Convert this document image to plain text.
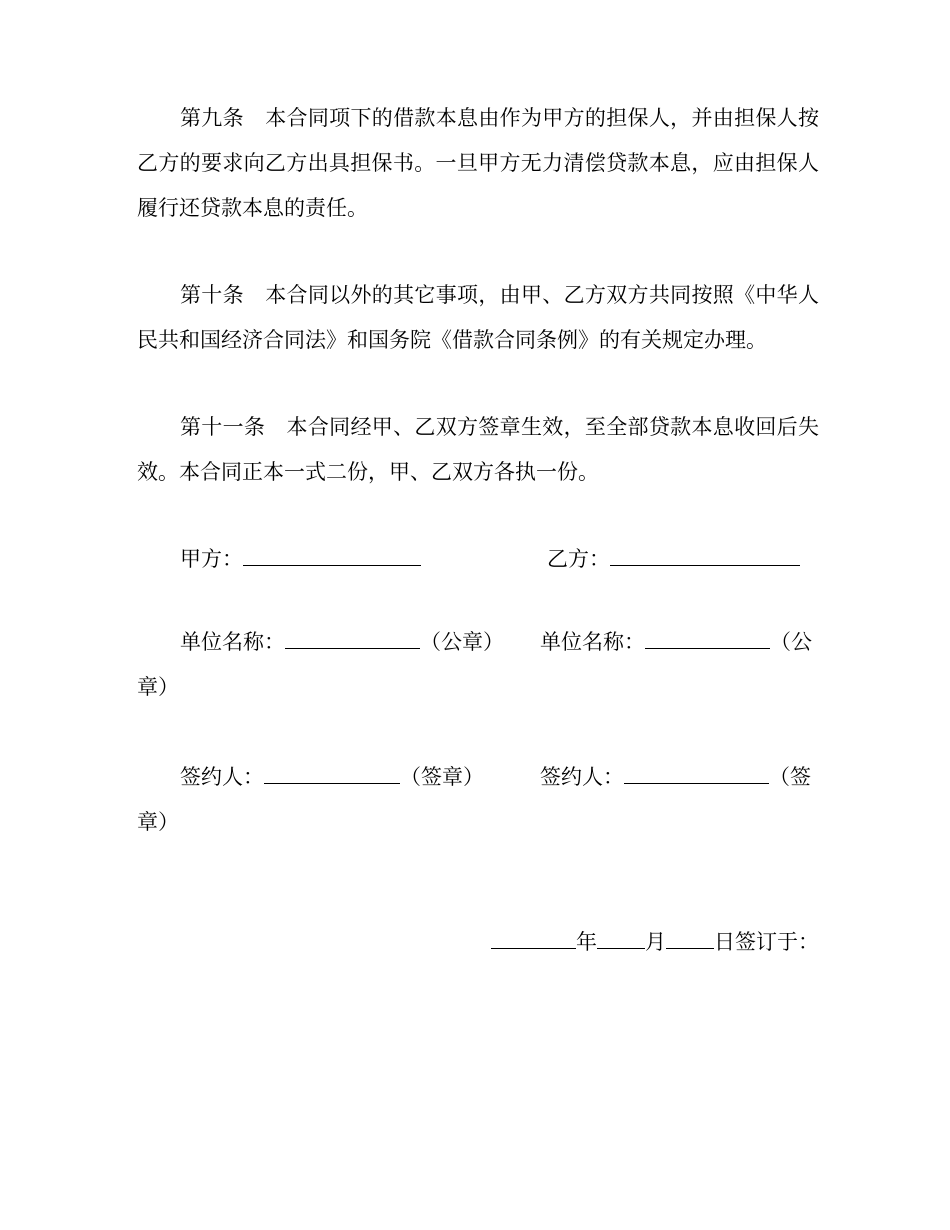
第九条　本合同项下的借款本息由作为甲方的担保人，并由担保人按乙方的要求向乙方出具担保书。一旦甲方无力清偿贷款本息，应由担保人履行还贷款本息的责任。

第十条　本合同以外的其它事项，由甲、乙方双方共同按照《中华人民共和国经济合同法》和国务院《借款合同条例》的有关规定办理。

第十一条　本合同经甲、乙双方签章生效，至全部贷款本息收回后失效。本合同正本一式二份，甲、乙双方各执一份。

甲方：	乙方：
单位名称：	（公章）	单位名称：	（公
章）
签约人：	（签章）	签约人：	（签
章）
年 月 日签订于：
